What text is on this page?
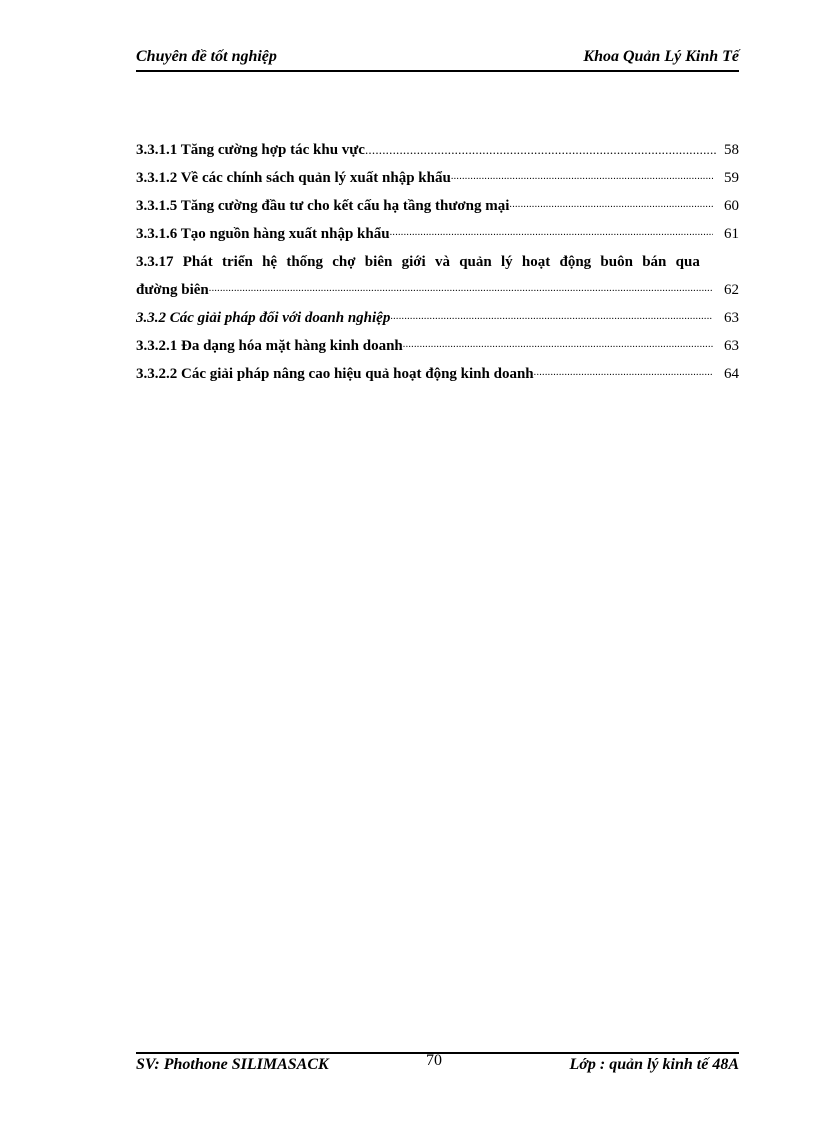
Chuyên đề tốt nghiệp	Khoa Quản Lý Kinh Tế
3.3.1.1 Tăng cường hợp tác khu vực .....	58
3.3.1.2 Về các chính sách quản lý xuất nhập khẩu .....	59
3.3.1.5 Tăng cường đầu tư cho kết cấu hạ tầng thương mại .....	60
3.3.1.6 Tạo nguồn hàng xuất nhập khẩu .....	61
3.3.17 Phát triển hệ thống chợ biên giới và quản lý hoạt động buôn bán qua
đường biên .....	62
3.3.2 Các giải pháp đối với doanh nghiệp .....	63
3.3.2.1 Đa dạng hóa mặt hàng kinh doanh .....	63
3.3.2.2 Các giải pháp nâng cao hiệu quả hoạt động kinh doanh .....	64
SV: Phothone SILIMASACK	70	Lớp : quản lý kinh tế 48A
